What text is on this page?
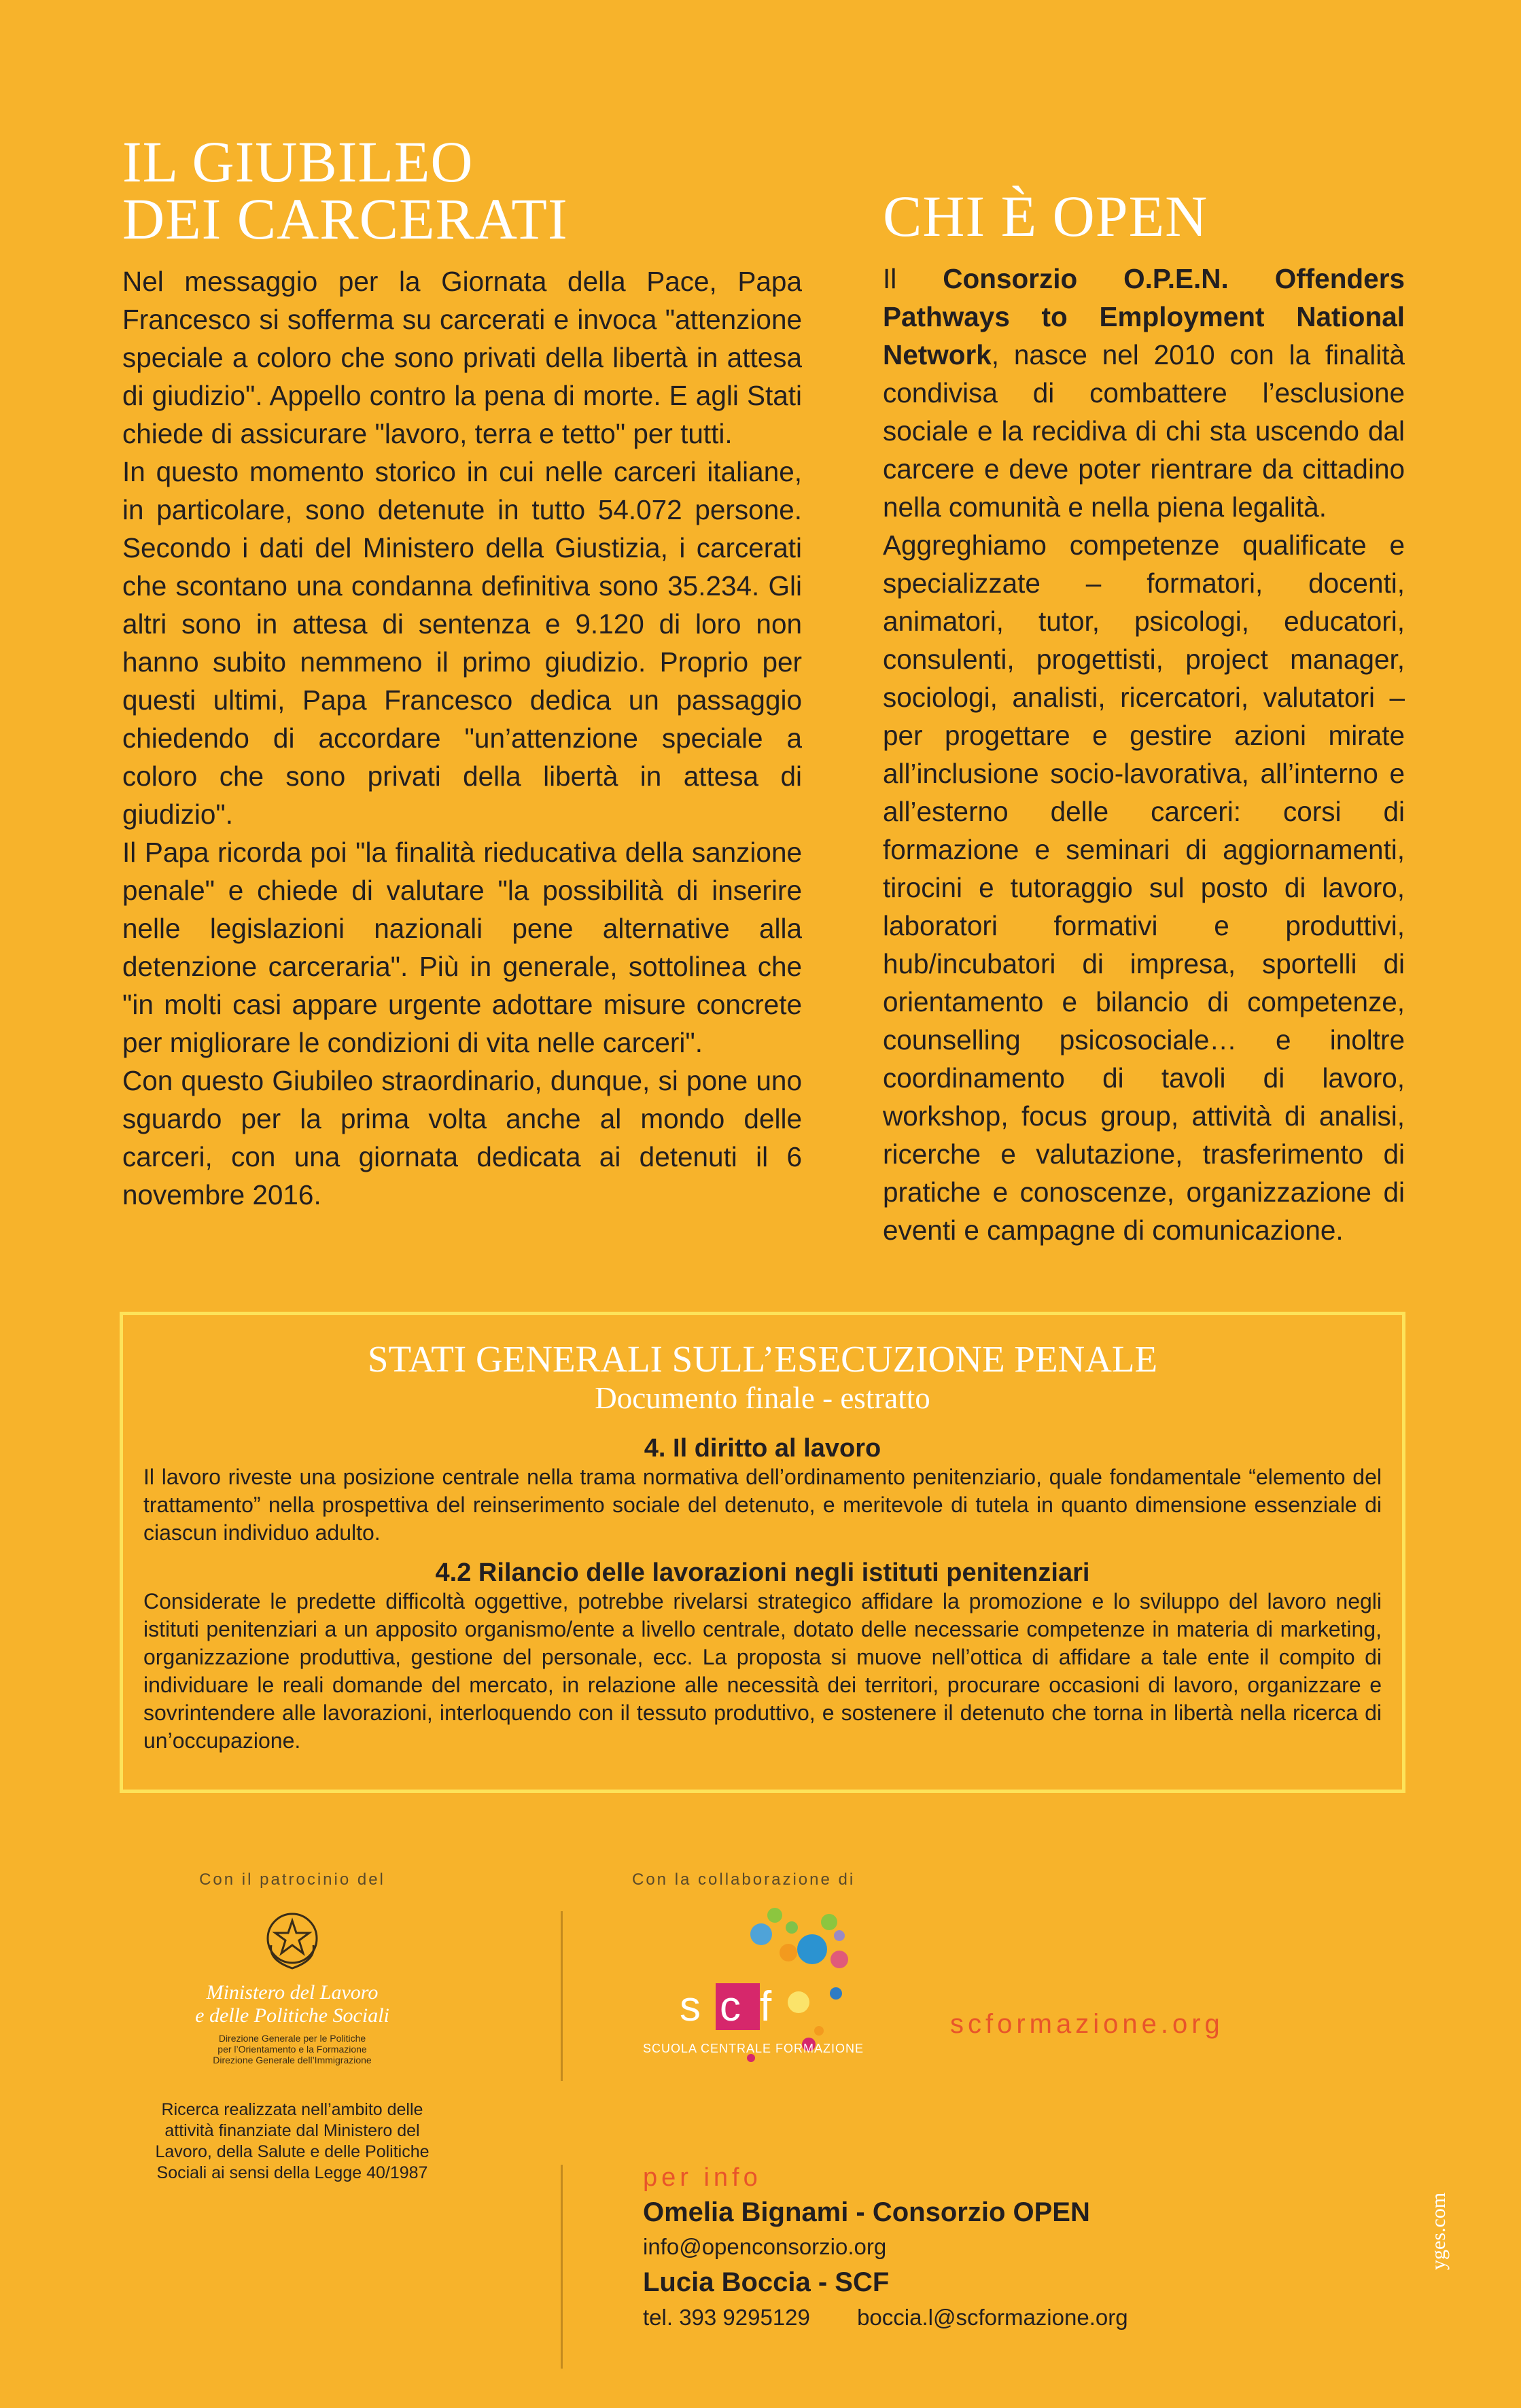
IL GIUBILEO
DEI CARCERATI

Nel messaggio per la Giornata della Pace, Papa Francesco si sofferma su carcerati e invoca "attenzione speciale a coloro che sono privati della libertà in attesa di giudizio". Appello contro la pena di morte. E agli Stati chiede di assicurare "lavoro, terra e tetto" per tutti.

In questo momento storico in cui nelle carceri italiane, in particolare, sono detenute in tutto 54.072 persone. Secondo i dati del Ministero della Giustizia, i carcerati che scontano una condanna definitiva sono 35.234. Gli altri sono in attesa di sentenza e 9.120 di loro non hanno subito nemmeno il primo giudizio. Proprio per questi ultimi, Papa Francesco dedica un passaggio chiedendo di accordare "un’attenzione speciale a coloro che sono privati della libertà in attesa di giudizio".

Il Papa ricorda poi "la finalità rieducativa della sanzione penale" e chiede di valutare "la possibilità di inserire nelle legislazioni nazionali pene alternative alla detenzione carceraria". Più in generale, sottolinea che "in molti casi appare urgente adottare misure concrete per migliorare le condizioni di vita nelle carceri".

Con questo Giubileo straordinario, dunque, si pone uno sguardo per la prima volta anche al mondo delle carceri, con una giornata dedicata ai detenuti il 6 novembre 2016.

CHI È OPEN

Il Consorzio O.P.E.N. Offenders Pathways to Employment National Network, nasce nel 2010 con la finalità condivisa di combattere l’esclusione sociale e la recidiva di chi sta uscendo dal carcere e deve poter rientrare da cittadino nella comunità e nella piena legalità.

Aggreghiamo competenze qualificate e specializzate – formatori, docenti, animatori, tutor, psicologi, educatori, consulenti, progettisti, project manager, sociologi, analisti, ricercatori, valutatori – per progettare e gestire azioni mirate all’inclusione socio-lavorativa, all’interno e all’esterno delle carceri: corsi di formazione e seminari di aggiornamenti, tirocini e tutoraggio sul posto di lavoro, laboratori formativi e produttivi, hub/incubatori di impresa, sportelli di orientamento e bilancio di competenze, counselling psicosociale… e inoltre coordinamento di tavoli di lavoro, workshop, focus group, attività di analisi, ricerche e valutazione, trasferimento di pratiche e conoscenze, organizzazione di eventi e campagne di comunicazione.

STATI GENERALI SULL’ESECUZIONE PENALE
Documento finale - estratto
4. Il diritto al lavoro

Il lavoro riveste una posizione centrale nella trama normativa dell’ordinamento penitenziario, quale fondamentale “elemento del trattamento” nella prospettiva del reinserimento sociale del detenuto, e meritevole di tutela in quanto dimensione essenziale di ciascun individuo adulto.

4.2 Rilancio delle lavorazioni negli istituti penitenziari

Considerate le predette difficoltà oggettive, potrebbe rivelarsi strategico affidare la promozione e lo sviluppo del lavoro negli istituti penitenziari a un apposito organismo/ente a livello centrale, dotato delle necessarie competenze in materia di marketing, organizzazione produttiva, gestione del personale, ecc. La proposta si muove nell’ottica di affidare a tale ente il compito di individuare le reali domande del mercato, in relazione alle necessità dei territori, procurare occasioni di lavoro, organizzare e sovrintendere alle lavorazioni, interloquendo con il tessuto produttivo, e sostenere il detenuto che torna in libertà nella ricerca di un’occupazione.

Con il patrocinio del
Ministero del Lavoro
e delle Politiche Sociali
Direzione Generale per le Politiche
per l’Orientamento e la Formazione
Direzione Generale dell’Immigrazione
Ricerca realizzata nell’ambito delle attività finanziate dal Ministero del Lavoro, della Salute e delle Politiche Sociali ai sensi della Legge 40/1987
Con la collaborazione di
scf
SCUOLA CENTRALE FORMAZIONE
scformazione.org
per info
Omelia Bignami - Consorzio OPEN
info@openconsorzio.org
Lucia Boccia - SCF
tel. 393 9295129 boccia.l@scformazione.org
yges.com
